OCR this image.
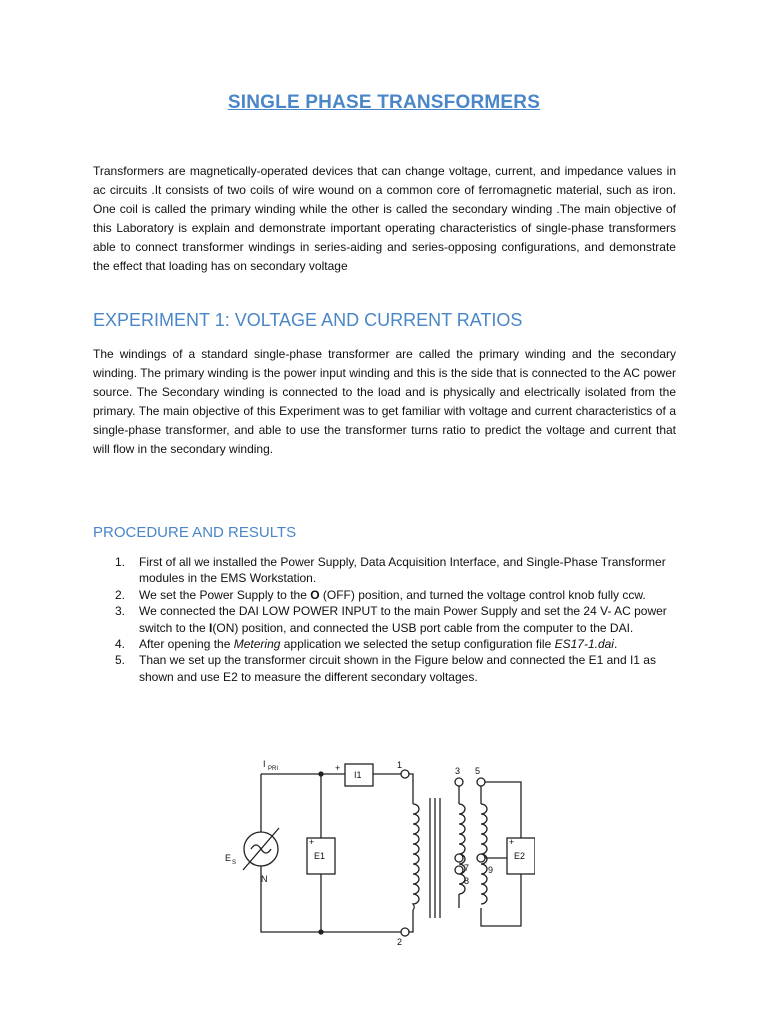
SINGLE PHASE TRANSFORMERS

Transformers are magnetically-operated devices that can change voltage, current, and impedance values in ac circuits .It consists of two coils of wire wound on a common core of ferromagnetic material, such as iron. One coil is called the primary winding while the other is called the secondary winding .The main objective of this Laboratory is explain and demonstrate important operating characteristics of single-phase transformers able to connect transformer windings in series-aiding and series-opposing configurations, and demonstrate the effect that loading has on secondary voltage

EXPERIMENT 1: VOLTAGE AND CURRENT RATIOS

The windings of a standard single-phase transformer are called the primary winding and the secondary winding. The primary winding is the power input winding and this is the side that is connected to the AC power source. The Secondary winding is connected to the load and is physically and electrically isolated from the primary. The main objective of this Experiment was to get familiar with voltage and current characteristics of a single-phase transformer, and able to use the transformer turns ratio to predict the voltage and current that will flow in the secondary winding.

PROCEDURE AND RESULTS
1. First of all we installed the Power Supply, Data Acquisition Interface, and Single-Phase Transformer modules in the EMS Workstation.
2. We set the Power Supply to the O (OFF) position, and turned the voltage control knob fully ccw.
3. We connected the DAI LOW POWER INPUT to the main Power Supply and set the 24 V- AC power switch to the I(ON) position, and connected the USB port cable from the computer to the DAI.
4. After opening the Metering application we selected the setup configuration file ES17-1.dai.
5. Than we set up the transformer circuit shown in the Figure below and connected the E1 and I1 as shown and use E2 to measure the different secondary voltages.
I PRI	+
I1
+
E1
+
E2
E S
N
1
2
3 5
7
8
9
